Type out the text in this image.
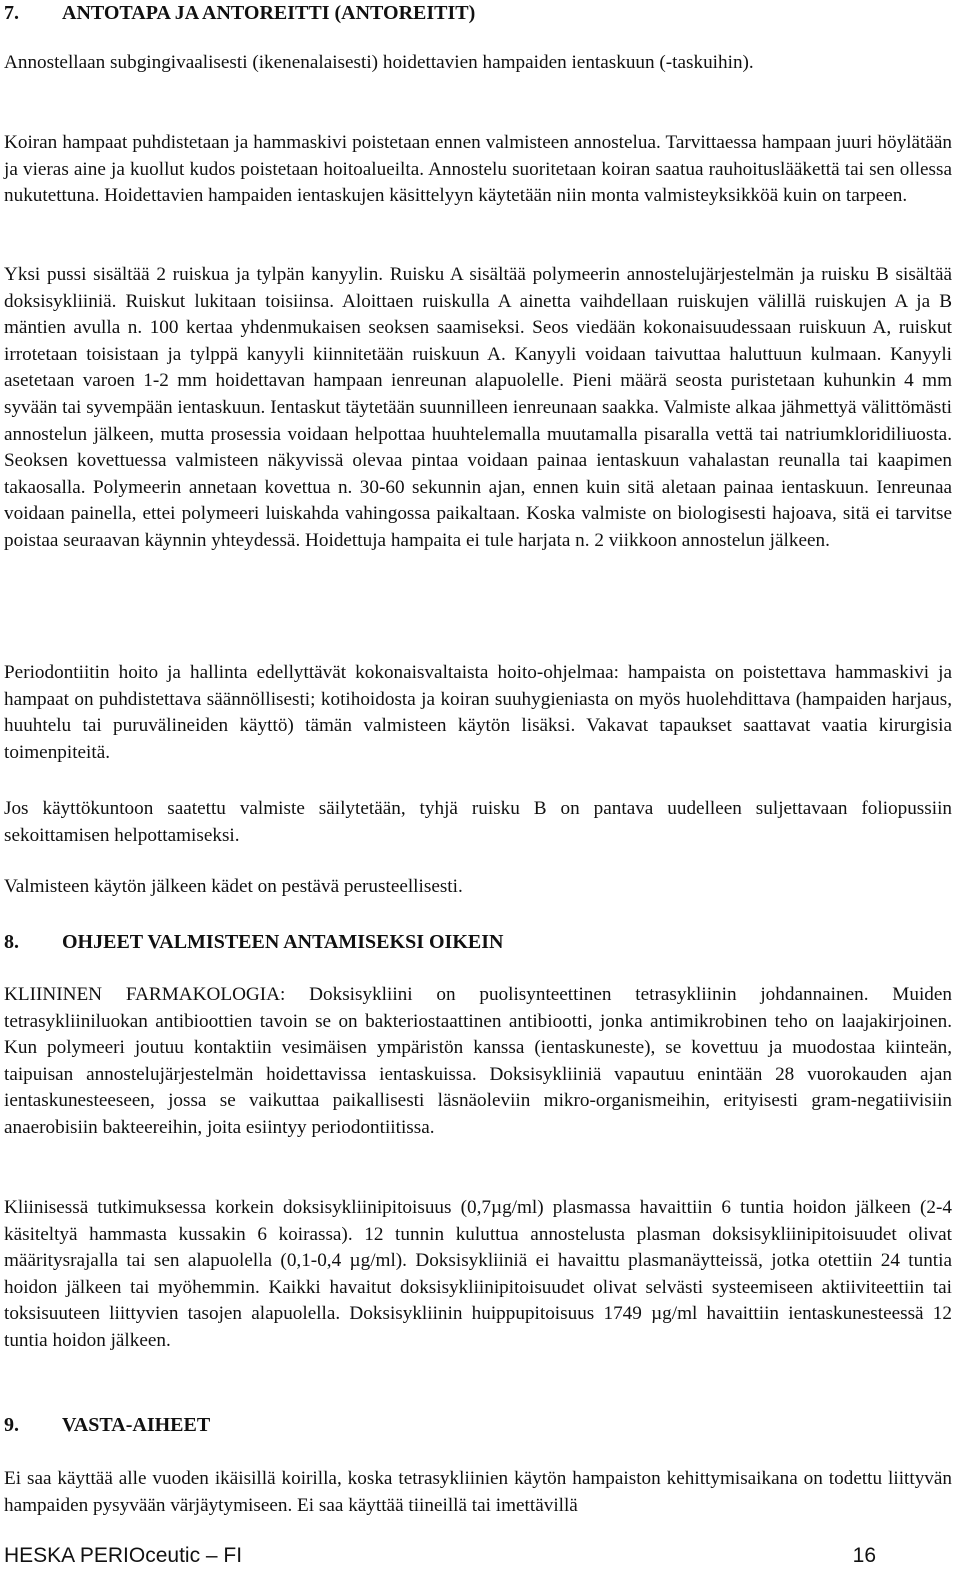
7. ANTOTAPA JA ANTOREITTI (ANTOREITIT)

Annostellaan subgingivaalisesti (ikenenalaisesti) hoidettavien hampaiden ientaskuun (-taskuihin).

Koiran hampaat puhdistetaan ja hammaskivi poistetaan ennen valmisteen annostelua. Tarvittaessa hampaan juuri höylätään ja vieras aine ja kuollut kudos poistetaan hoitoalueilta. Annostelu suoritetaan koiran saatua rauhoituslääkettä tai sen ollessa nukutettuna. Hoidettavien hampaiden ientaskujen käsittelyyn käytetään niin monta valmisteyksikköä kuin on tarpeen.

Yksi pussi sisältää 2 ruiskua ja tylpän kanyylin. Ruisku A sisältää polymeerin annostelujärjestelmän ja ruisku B sisältää doksisykliiniä. Ruiskut lukitaan toisiinsa. Aloittaen ruiskulla A ainetta vaihdellaan ruiskujen välillä ruiskujen A ja B mäntien avulla n. 100 kertaa yhdenmukaisen seoksen saamiseksi. Seos viedään kokonaisuudessaan ruiskuun A, ruiskut irrotetaan toisistaan ja tylppä kanyyli kiinnitetään ruiskuun A. Kanyyli voidaan taivuttaa haluttuun kulmaan. Kanyyli asetetaan varoen 1-2 mm hoidettavan hampaan ienreunan alapuolelle. Pieni määrä seosta puristetaan kuhunkin 4 mm syvään tai syvempään ientaskuun. Ientaskut täytetään suunnilleen ienreunaan saakka. Valmiste alkaa jähmettyä välittömästi annostelun jälkeen, mutta prosessia voidaan helpottaa huuhtelemalla muutamalla pisaralla vettä tai natriumkloridiliuosta. Seoksen kovettuessa valmisteen näkyvissä olevaa pintaa voidaan painaa ientaskuun vahalastan reunalla tai kaapimen takaosalla. Polymeerin annetaan kovettua n. 30-60 sekunnin ajan, ennen kuin sitä aletaan painaa ientaskuun. Ienreunaa voidaan painella, ettei polymeeri luiskahda vahingossa paikaltaan. Koska valmiste on biologisesti hajoava, sitä ei tarvitse poistaa seuraavan käynnin yhteydessä. Hoidettuja hampaita ei tule harjata n. 2 viikkoon annostelun jälkeen.

Periodontiitin hoito ja hallinta edellyttävät kokonaisvaltaista hoito-ohjelmaa: hampaista on poistettava hammaskivi ja hampaat on puhdistettava säännöllisesti; kotihoidosta ja koiran suuhygieniasta on myös huolehdittava (hampaiden harjaus, huuhtelu tai puruvälineiden käyttö) tämän valmisteen käytön lisäksi. Vakavat tapaukset saattavat vaatia kirurgisia toimenpiteitä.

Jos käyttökuntoon saatettu valmiste säilytetään, tyhjä ruisku B on pantava uudelleen suljettavaan foliopussiin sekoittamisen helpottamiseksi.

Valmisteen käytön jälkeen kädet on pestävä perusteellisesti.

8. OHJEET VALMISTEEN ANTAMISEKSI OIKEIN

KLIININEN FARMAKOLOGIA: Doksisykliini on puolisynteettinen tetrasykliinin johdannainen. Muiden tetrasykliiniluokan antibioottien tavoin se on bakteriostaattinen antibiootti, jonka antimikrobinen teho on laajakirjoinen. Kun polymeeri joutuu kontaktiin vesimäisen ympäristön kanssa (ientaskuneste), se kovettuu ja muodostaa kiinteän, taipuisan annostelujärjestelmän hoidettavissa ientaskuissa. Doksisykliiniä vapautuu enintään 28 vuorokauden ajan ientaskunesteeseen, jossa se vaikuttaa paikallisesti läsnäoleviin mikro-organismeihin, erityisesti gram-negatiivisiin anaerobisiin bakteereihin, joita esiintyy periodontiitissa.

Kliinisessä tutkimuksessa korkein doksisykliinipitoisuus (0,7µg/ml) plasmassa havaittiin 6 tuntia hoidon jälkeen (2-4 käsiteltyä hammasta kussakin 6 koirassa). 12 tunnin kuluttua annostelusta plasman doksisykliinipitoisuudet olivat määritysrajalla tai sen alapuolella (0,1-0,4 µg/ml). Doksisykliiniä ei havaittu plasmanäytteissä, jotka otettiin 24 tuntia hoidon jälkeen tai myöhemmin. Kaikki havaitut doksisykliinipitoisuudet olivat selvästi systeemiseen aktiiviteettiin tai toksisuuteen liittyvien tasojen alapuolella. Doksisykliinin huippupitoisuus 1749 µg/ml havaittiin ientaskunesteessä 12 tuntia hoidon jälkeen.

9. VASTA-AIHEET

Ei saa käyttää alle vuoden ikäisillä koirilla, koska tetrasykliinien käytön hampaiston kehittymisaikana on todettu liittyvän hampaiden pysyvään värjäytymiseen. Ei saa käyttää tiineillä tai imettävillä

HESKA PERIOceutic – FI	16
